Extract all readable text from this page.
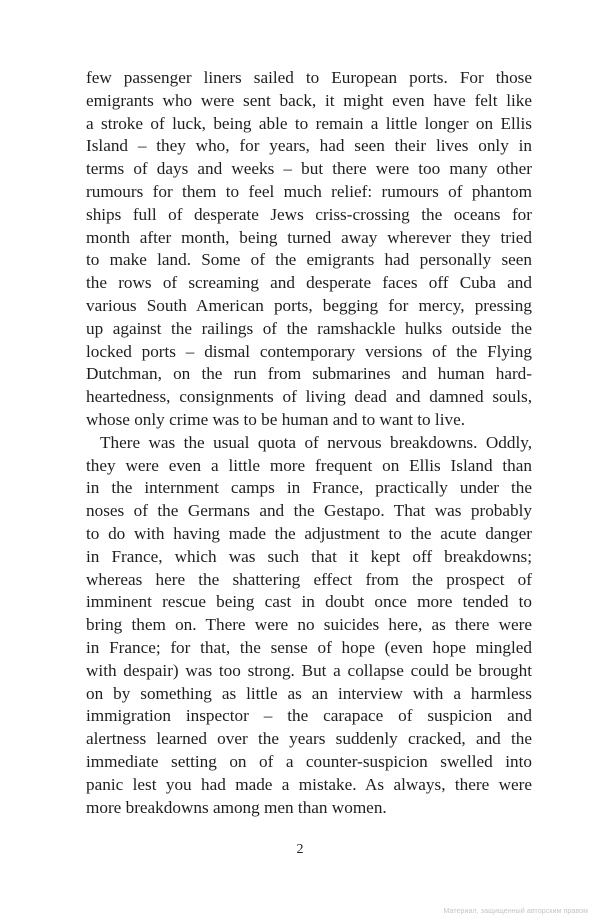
few passenger liners sailed to European ports. For those
emigrants who were sent back, it might even have felt like
a stroke of luck, being able to remain a little longer on Ellis
Island – they who, for years, had seen their lives only in
terms of days and weeks – but there were too many other
rumours for them to feel much relief: rumours of phantom
ships full of desperate Jews criss-crossing the oceans for
month after month, being turned away wherever they tried
to make land. Some of the emigrants had personally seen
the rows of screaming and desperate faces off Cuba and
various South American ports, begging for mercy, pressing
up against the railings of the ramshackle hulks outside the
locked ports – dismal contemporary versions of the Flying
Dutchman, on the run from submarines and human hard-
heartedness, consignments of living dead and damned souls,
whose only crime was to be human and to want to live.
There was the usual quota of nervous breakdowns. Oddly,
they were even a little more frequent on Ellis Island than
in the internment camps in France, practically under the
noses of the Germans and the Gestapo. That was probably
to do with having made the adjustment to the acute danger
in France, which was such that it kept off breakdowns;
whereas here the shattering effect from the prospect of
imminent rescue being cast in doubt once more tended to
bring them on. There were no suicides here, as there were
in France; for that, the sense of hope (even hope mingled
with despair) was too strong. But a collapse could be brought
on by something as little as an interview with a harmless
immigration inspector – the carapace of suspicion and
alertness learned over the years suddenly cracked, and the
immediate setting on of a counter-suspicion swelled into
panic lest you had made a mistake. As always, there were
more breakdowns among men than women.
2
Материал, защищенный авторским правом
